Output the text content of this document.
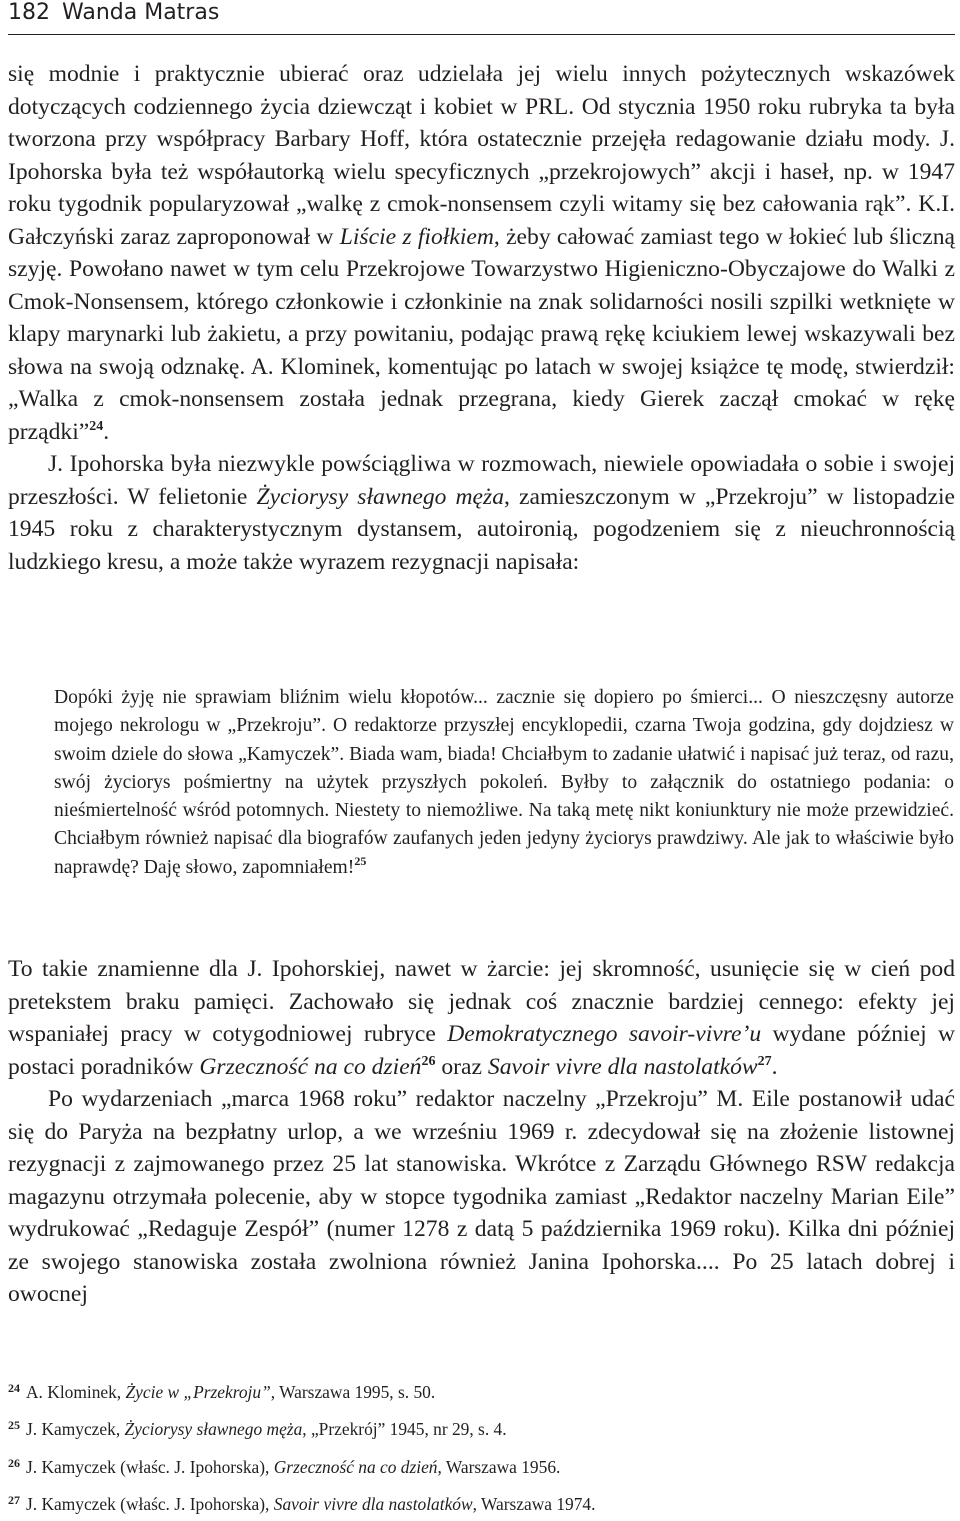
182 Wanda Matras

się modnie i praktycznie ubierać oraz udzielała jej wielu innych pożytecznych wskazówek dotyczących codziennego życia dziewcząt i kobiet w PRL. Od stycznia 1950 roku rubryka ta była tworzona przy współpracy Barbary Hoff, która ostatecznie przejęła redagowanie działu mody. J. Ipohorska była też współautorką wielu specyficznych „przekrojowych” akcji i haseł, np. w 1947 roku tygodnik popularyzował „walkę z cmok-nonsensem czyli witamy się bez całowania rąk”. K.I. Gałczyński zaraz zaproponował w Liście z fiołkiem, żeby całować zamiast tego w łokieć lub śliczną szyję. Powołano nawet w tym celu Przekrojowe Towarzystwo Higieniczno-Obyczajowe do Walki z Cmok-Nonsensem, którego członkowie i członkinie na znak solidarności nosili szpilki wetknięte w klapy marynarki lub żakietu, a przy powitaniu, podając prawą rękę kciukiem lewej wskazywali bez słowa na swoją odznakę. A. Klominek, komentując po latach w swojej książce tę modę, stwierdził: „Walka z cmok-nonsensem została jednak przegrana, kiedy Gierek zaczął cmokać w rękę prządki”$^{24}$.

J. Ipohorska była niezwykle powściągliwa w rozmowach, niewiele opowiadała o sobie i swojej przeszłości. W felietonie Życiorysy sławnego męża, zamieszczonym w „Przekroju” w listopadzie 1945 roku z charakterystycznym dystansem, autoironią, pogodzeniem się z nieuchronnością ludzkiego kresu, a może także wyrazem rezygnacji napisała:

Dopóki żyję nie sprawiam bliźnim wielu kłopotów... zacznie się dopiero po śmierci... O nieszczęsny autorze mojego nekrologu w „Przekroju”. O redaktorze przyszłej encyklopedii, czarna Twoja godzina, gdy dojdziesz w swoim dziele do słowa „Kamyczek”. Biada wam, biada! Chciałbym to zadanie ułatwić i napisać już teraz, od razu, swój życiorys pośmiertny na użytek przyszłych pokoleń. Byłby to załącznik do ostatniego podania: o nieśmiertelność wśród potomnych. Niestety to niemożliwe. Na taką metę nikt koniunktury nie może przewidzieć. Chciałbym również napisać dla biografów zaufanych jeden jedyny życiorys prawdziwy. Ale jak to właściwie było naprawdę? Daję słowo, zapomniałem!$^{25}$

To takie znamienne dla J. Ipohorskiej, nawet w żarcie: jej skromność, usunięcie się w cień pod pretekstem braku pamięci. Zachowało się jednak coś znacznie bardziej cennego: efekty jej wspaniałej pracy w cotygodniowej rubryce Demokratycznego savoir-vivre’u wydane później w postaci poradników Grzeczność na co dzień$^{26}$ oraz Savoir vivre dla nastolatków$^{27}$.

Po wydarzeniach „marca 1968 roku” redaktor naczelny „Przekroju” M. Eile postanowił udać się do Paryża na bezpłatny urlop, a we wrześniu 1969 r. zdecydował się na złożenie listownej rezygnacji z zajmowanego przez 25 lat stanowiska. Wkrótce z Zarządu Głównego RSW redakcja magazynu otrzymała polecenie, aby w stopce tygodnika zamiast „Redaktor naczelny Marian Eile” wydrukować „Redaguje Zespół” (numer 1278 z datą 5 października 1969 roku). Kilka dni później ze swojego stanowiska została zwolniona również Janina Ipohorska.... Po 25 latach dobrej i owocnej

$^{24}$ A. Klominek, Życie w „Przekroju”, Warszawa 1995, s. 50.
$^{25}$ J. Kamyczek, Życiorysy sławnego męża, „Przekrój” 1945, nr 29, s. 4.
$^{26}$ J. Kamyczek (właśc. J. Ipohorska), Grzeczność na co dzień, Warszawa 1956.
$^{27}$ J. Kamyczek (właśc. J. Ipohorska), Savoir vivre dla nastolatków, Warszawa 1974.
